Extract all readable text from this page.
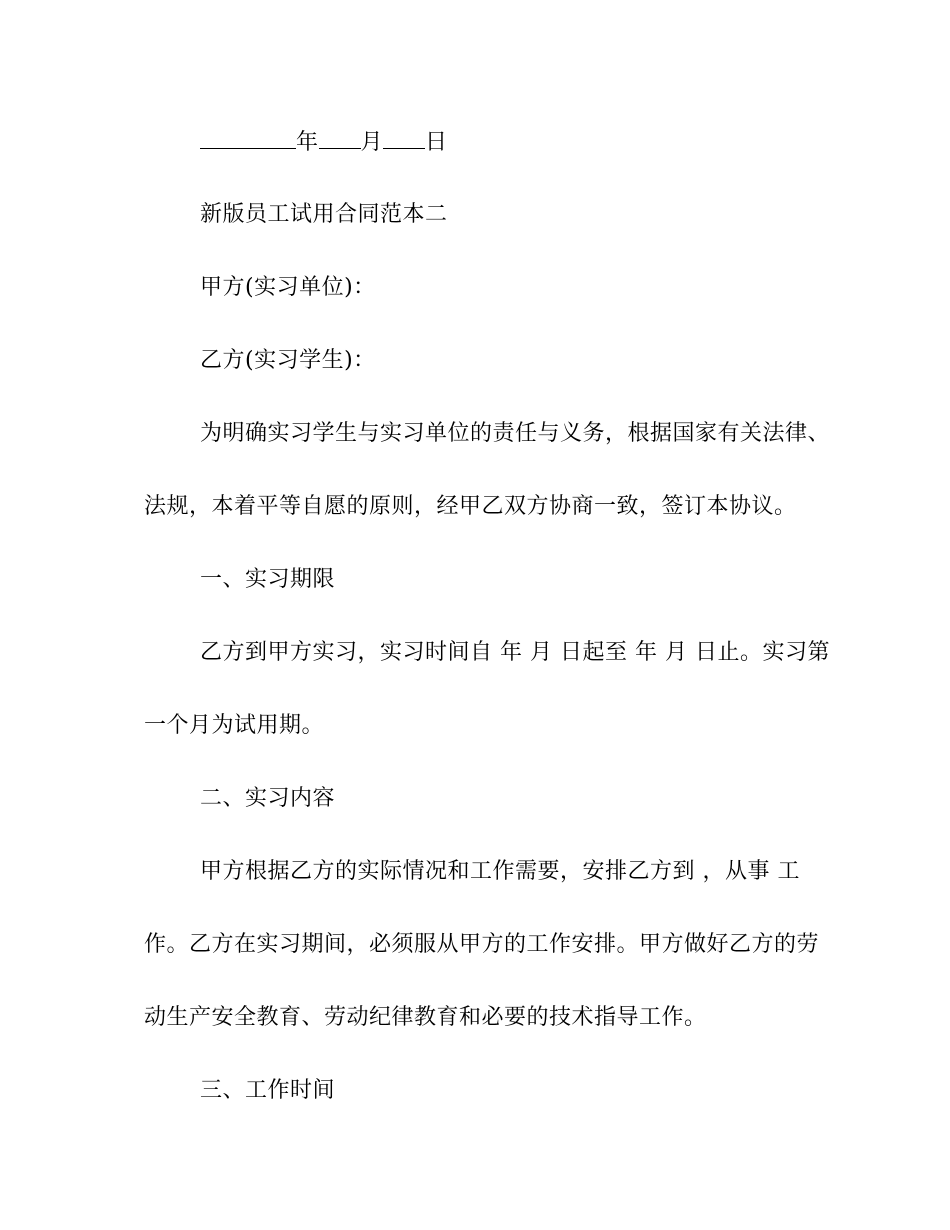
年 月 日
新版员工试用合同范本二
甲方(实习单位)：
乙方(实习学生)：
为明确实习学生与实习单位的责任与义务，根据国家有关法律、
法规，本着平等自愿的原则，经甲乙双方协商一致，签订本协议。
一、实习期限
乙方到甲方实习，实习时间自 年 月 日起至 年 月 日止。实习第
一个月为试用期。
二、实习内容
甲方根据乙方的实际情况和工作需要，安排乙方到 ，从事 工
作。乙方在实习期间，必须服从甲方的工作安排。甲方做好乙方的劳
动生产安全教育、劳动纪律教育和必要的技术指导工作。
三、工作时间
